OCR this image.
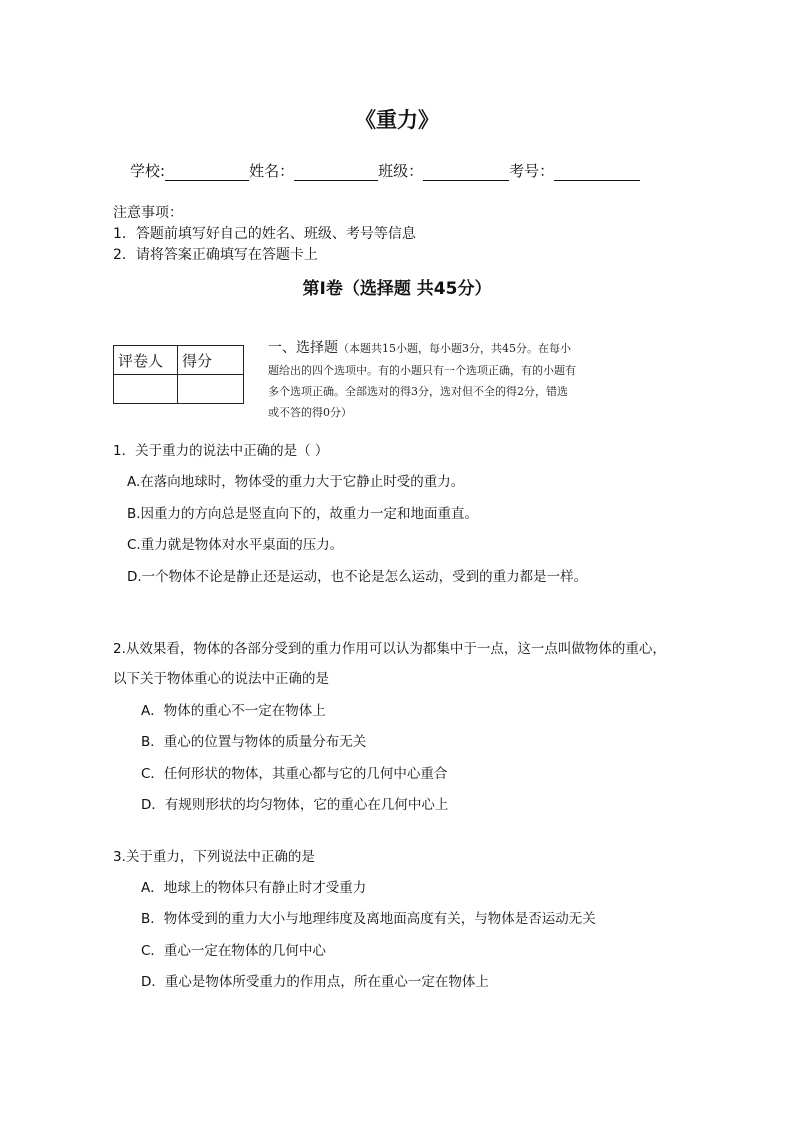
《重力》
学校:	姓名：	班级：	考号：
注意事项：
1．答题前填写好自己的姓名、班级、考号等信息
2．请将答案正确填写在答题卡上
第I卷（选择题 共45分）
评卷人	得分

一、选择题（本题共15小题，每小题3分，共45分。在每小
题给出的四个选项中。有的小题只有一个选项正确，有的小题有
多个选项正确。全部选对的得3分，选对但不全的得2分，错选
或不答的得0分）
1．关于重力的说法中正确的是（ ）
A.在落向地球时，物体受的重力大于它静止时受的重力。
B.因重力的方向总是竖直向下的，故重力一定和地面重直。
C.重力就是物体对水平桌面的压力。
D.一个物体不论是静止还是运动，也不论是怎么运动，受到的重力都是一样。
2.从效果看，物体的各部分受到的重力作用可以认为都集中于一点，这一点叫做物体的重心，
以下关于物体重心的说法中正确的是
A．物体的重心不一定在物体上
B．重心的位置与物体的质量分布无关
C．任何形状的物体，其重心都与它的几何中心重合
D．有规则形状的均匀物体，它的重心在几何中心上
3.关于重力，下列说法中正确的是
A．地球上的物体只有静止时才受重力
B．物体受到的重力大小与地理纬度及离地面高度有关，与物体是否运动无关
C．重心一定在物体的几何中心
D．重心是物体所受重力的作用点，所在重心一定在物体上
